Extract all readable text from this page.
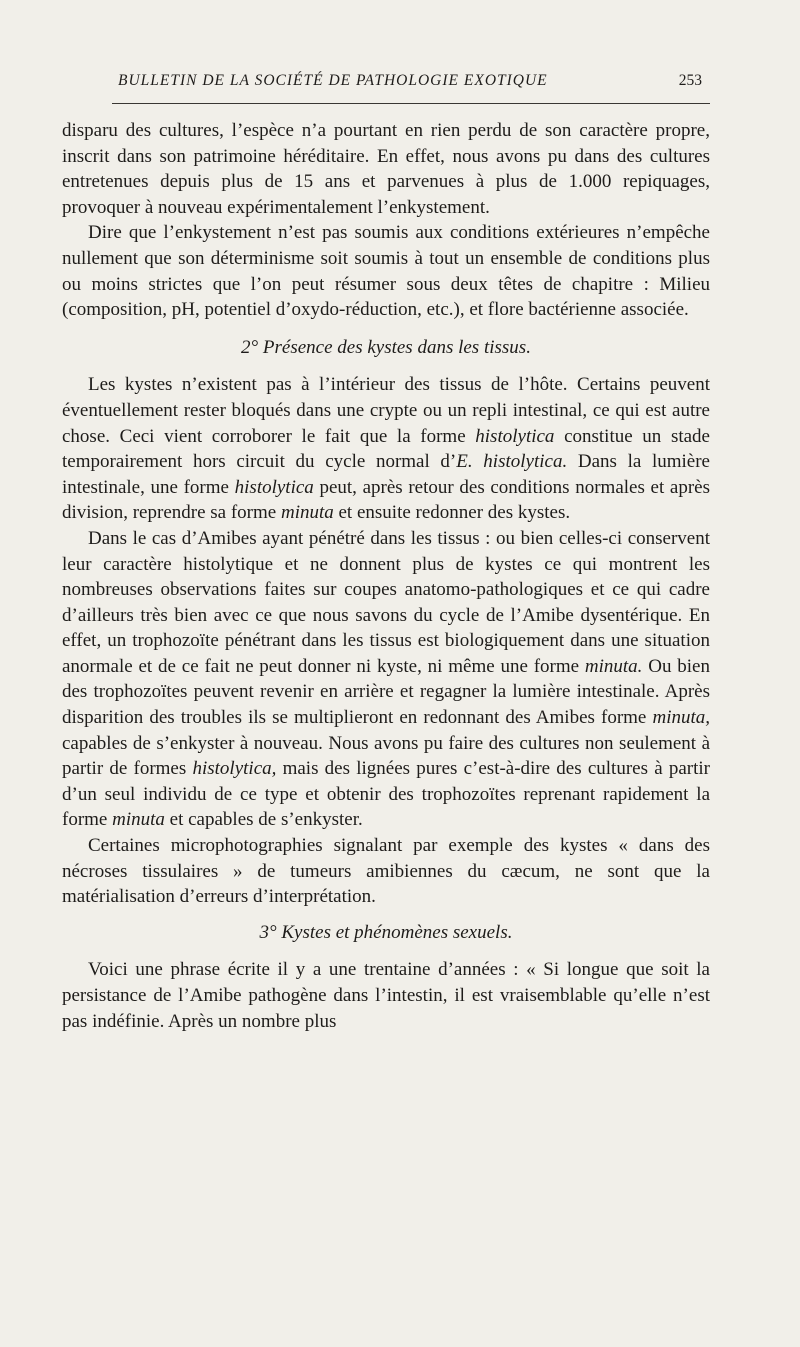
BULLETIN DE LA SOCIÉTÉ DE PATHOLOGIE EXOTIQUE	253

disparu des cultures, l’espèce n’a pourtant en rien perdu de son caractère propre, inscrit dans son patrimoine héréditaire. En effet, nous avons pu dans des cultures entretenues depuis plus de 15 ans et parvenues à plus de 1.000 repiquages, provoquer à nouveau expérimentalement l’enkystement.

Dire que l’enkystement n’est pas soumis aux conditions extérieures n’empêche nullement que son déterminisme soit soumis à tout un ensemble de conditions plus ou moins strictes que l’on peut résumer sous deux têtes de chapitre : Milieu (composition, pH, potentiel d’oxydo-réduction, etc.), et flore bactérienne associée.

2° Présence des kystes dans les tissus.

Les kystes n’existent pas à l’intérieur des tissus de l’hôte. Certains peuvent éventuellement rester bloqués dans une crypte ou un repli intestinal, ce qui est autre chose. Ceci vient corroborer le fait que la forme histolytica constitue un stade temporairement hors circuit du cycle normal d’E. histolytica. Dans la lumière intestinale, une forme histolytica peut, après retour des conditions normales et après division, reprendre sa forme minuta et ensuite redonner des kystes.

Dans le cas d’Amibes ayant pénétré dans les tissus : ou bien celles-ci conservent leur caractère histolytique et ne donnent plus de kystes ce qui montrent les nombreuses observations faites sur coupes anatomo-pathologiques et ce qui cadre d’ailleurs très bien avec ce que nous savons du cycle de l’Amibe dysentérique. En effet, un trophozoïte pénétrant dans les tissus est biologiquement dans une situation anormale et de ce fait ne peut donner ni kyste, ni même une forme minuta. Ou bien des trophozoïtes peuvent revenir en arrière et regagner la lumière intestinale. Après disparition des troubles ils se multiplieront en redonnant des Amibes forme minuta, capables de s’enkyster à nouveau. Nous avons pu faire des cultures non seulement à partir de formes histolytica, mais des lignées pures c’est-à-dire des cultures à partir d’un seul individu de ce type et obtenir des trophozoïtes reprenant rapidement la forme minuta et capables de s’enkyster.

Certaines microphotographies signalant par exemple des kystes « dans des nécroses tissulaires » de tumeurs amibiennes du cæcum, ne sont que la matérialisation d’erreurs d’interprétation.

3° Kystes et phénomènes sexuels.

Voici une phrase écrite il y a une trentaine d’années : « Si longue que soit la persistance de l’Amibe pathogène dans l’intestin, il est vraisemblable qu’elle n’est pas indéfinie. Après un nombre plus
